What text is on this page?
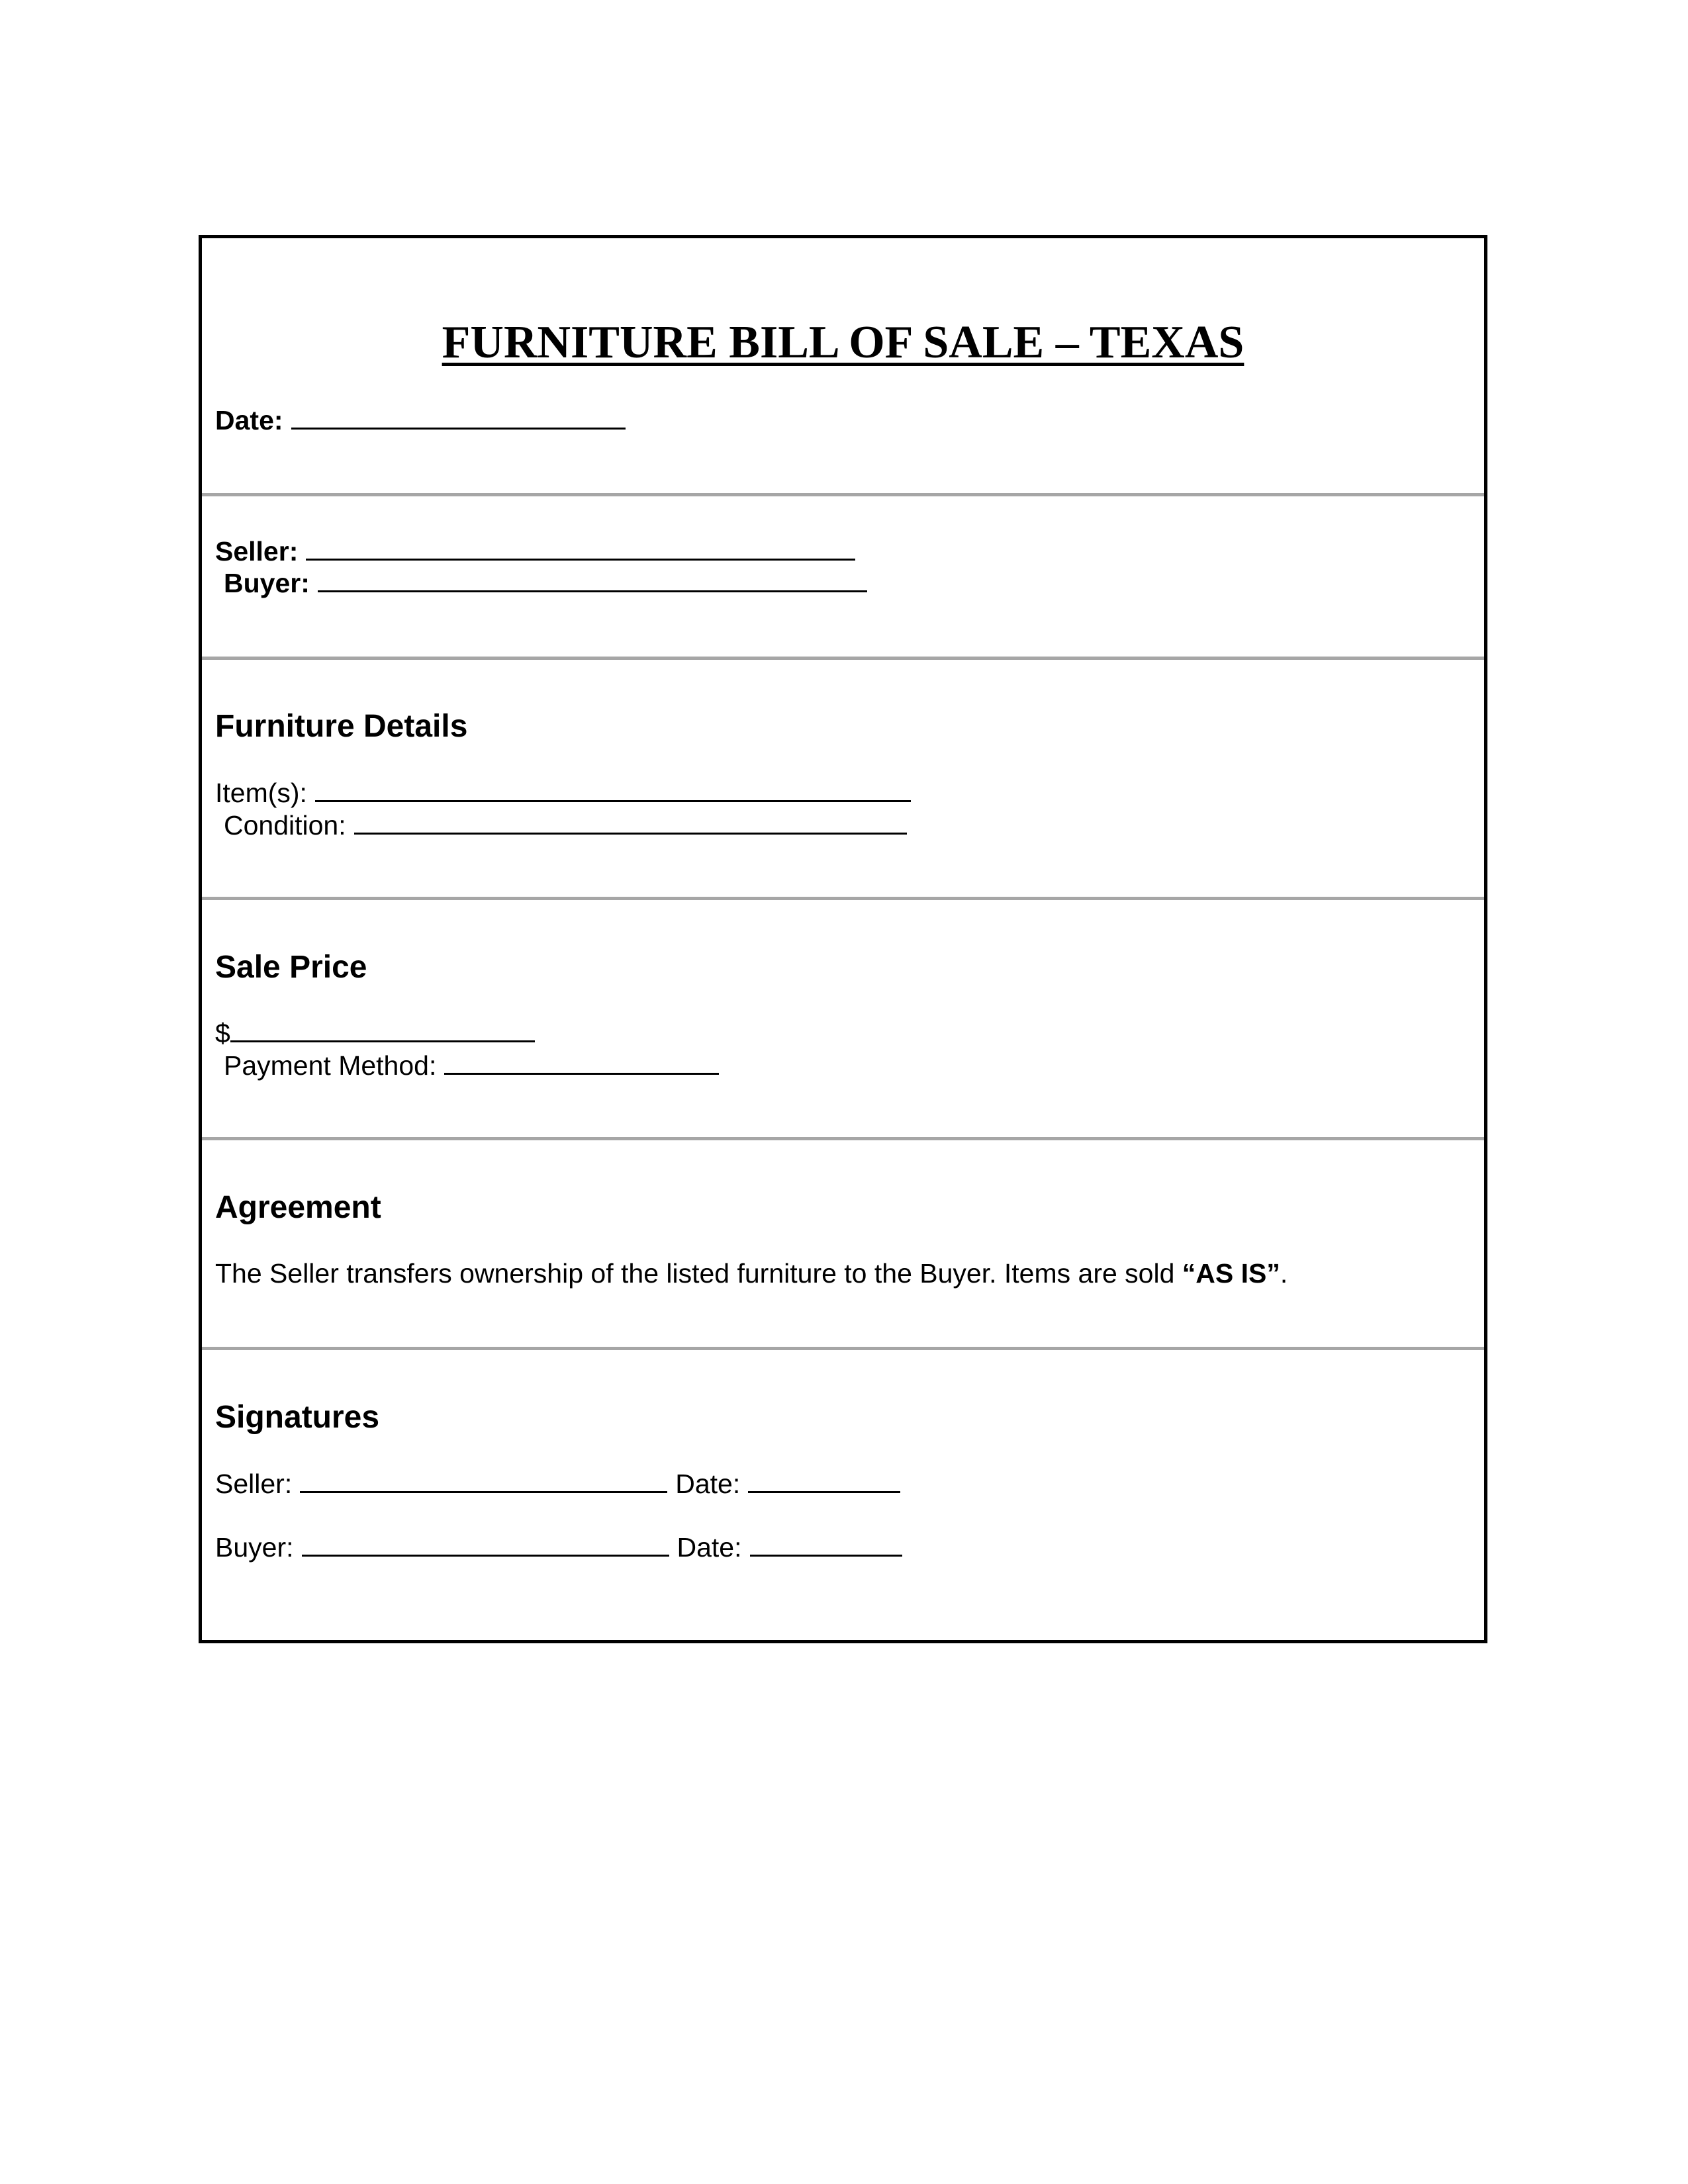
FURNITURE BILL OF SALE – TEXAS
Date:
Seller:
Buyer:
Furniture Details
Item(s):
Condition:
Sale Price
$
Payment Method:
Agreement
The Seller transfers ownership of the listed furniture to the Buyer. Items are sold “AS IS”.
Signatures
Seller:	Date:
Buyer:	Date:
